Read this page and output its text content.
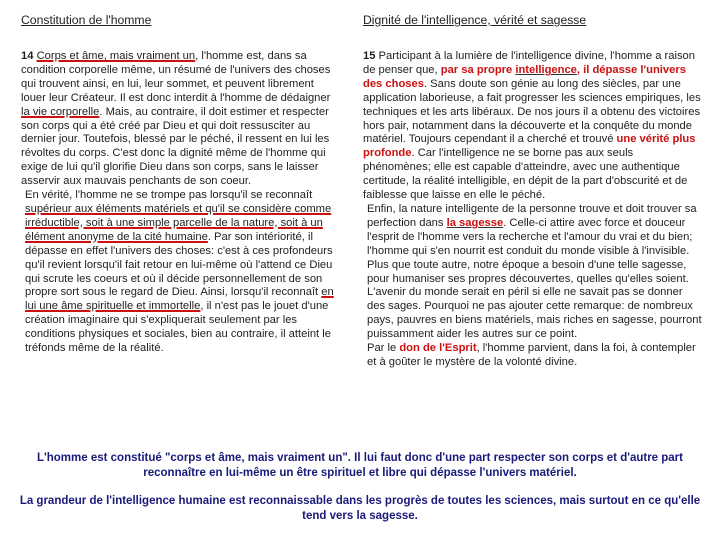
Constitution de l'homme	Dignité de l'intelligence, vérité et sagesse

14 Corps et âme, mais vraiment un, l'homme est, dans sa condition corporelle même, un résumé de l'univers des choses qui trouvent ainsi, en lui, leur sommet, et peuvent librement louer leur Créateur. Il est donc interdit à l'homme de dédaigner la vie corporelle. Mais, au contraire, il doit estimer et respecter son corps qui a été créé par Dieu et qui doit ressusciter au dernier jour. Toutefois, blessé par le péché, il ressent en lui les révoltes du corps. C'est donc la dignité même de l'homme qui exige de lui qu'il glorifie Dieu dans son corps, sans le laisser asservir aux mauvais penchants de son coeur.

En vérité, l'homme ne se trompe pas lorsqu'il se reconnaît supérieur aux éléments matériels et qu'il se considère comme irréductible, soit à une simple parcelle de la nature, soit à un élément anonyme de la cité humaine. Par son intériorité, il dépasse en effet l'univers des choses: c'est à ces profondeurs qu'il revient lorsqu'il fait retour en lui-même où l'attend ce Dieu qui scrute les coeurs et où il décide personnellement de son propre sort sous le regard de Dieu. Ainsi, lorsqu'il reconnaît en lui une âme spirituelle et immortelle, il n'est pas le jouet d'une création imaginaire qui s'expliquerait seulement par les conditions physiques et sociales, bien au contraire, il atteint le tréfonds même de la réalité.

15 Participant à la lumière de l'intelligence divine, l'homme a raison de penser que, par sa propre intelligence, il dépasse l'univers des choses. Sans doute son génie au long des siècles, par une application laborieuse, a fait progresser les sciences empiriques, les techniques et les arts libéraux. De nos jours il a obtenu des victoires hors pair, notamment dans la découverte et la conquête du monde matériel. Toujours cependant il a cherché et trouvé une vérité plus profonde. Car l'intelligence ne se borne pas aux seuls phénomènes; elle est capable d'atteindre, avec une authentique certitude, la réalité intelligible, en dépit de la part d'obscurité et de faiblesse que laisse en elle le péché.

Enfin, la nature intelligente de la personne trouve et doit trouver sa perfection dans la sagesse. Celle-ci attire avec force et douceur l'esprit de l'homme vers la recherche et l'amour du vrai et du bien; l'homme qui s'en nourrit est conduit du monde visible à l'invisible.

Plus que toute autre, notre époque a besoin d'une telle sagesse, pour humaniser ses propres découvertes, quelles qu'elles soient. L'avenir du monde serait en péril si elle ne savait pas se donner des sages. Pourquoi ne pas ajouter cette remarque: de nombreux pays, pauvres en biens matériels, mais riches en sagesse, pourront puissamment aider les autres sur ce point.

Par le don de l'Esprit, l'homme parvient, dans la foi, à contempler et à goûter le mystère de la volonté divine.

L'homme est constitué "corps et âme, mais vraiment un". Il lui faut donc d'une part respecter son corps et d'autre part reconnaître en lui-même un être spirituel et libre qui dépasse l'univers matériel.
La grandeur de l'intelligence humaine est reconnaissable dans les progrès de toutes les sciences, mais surtout en ce qu'elle tend vers la sagesse.
